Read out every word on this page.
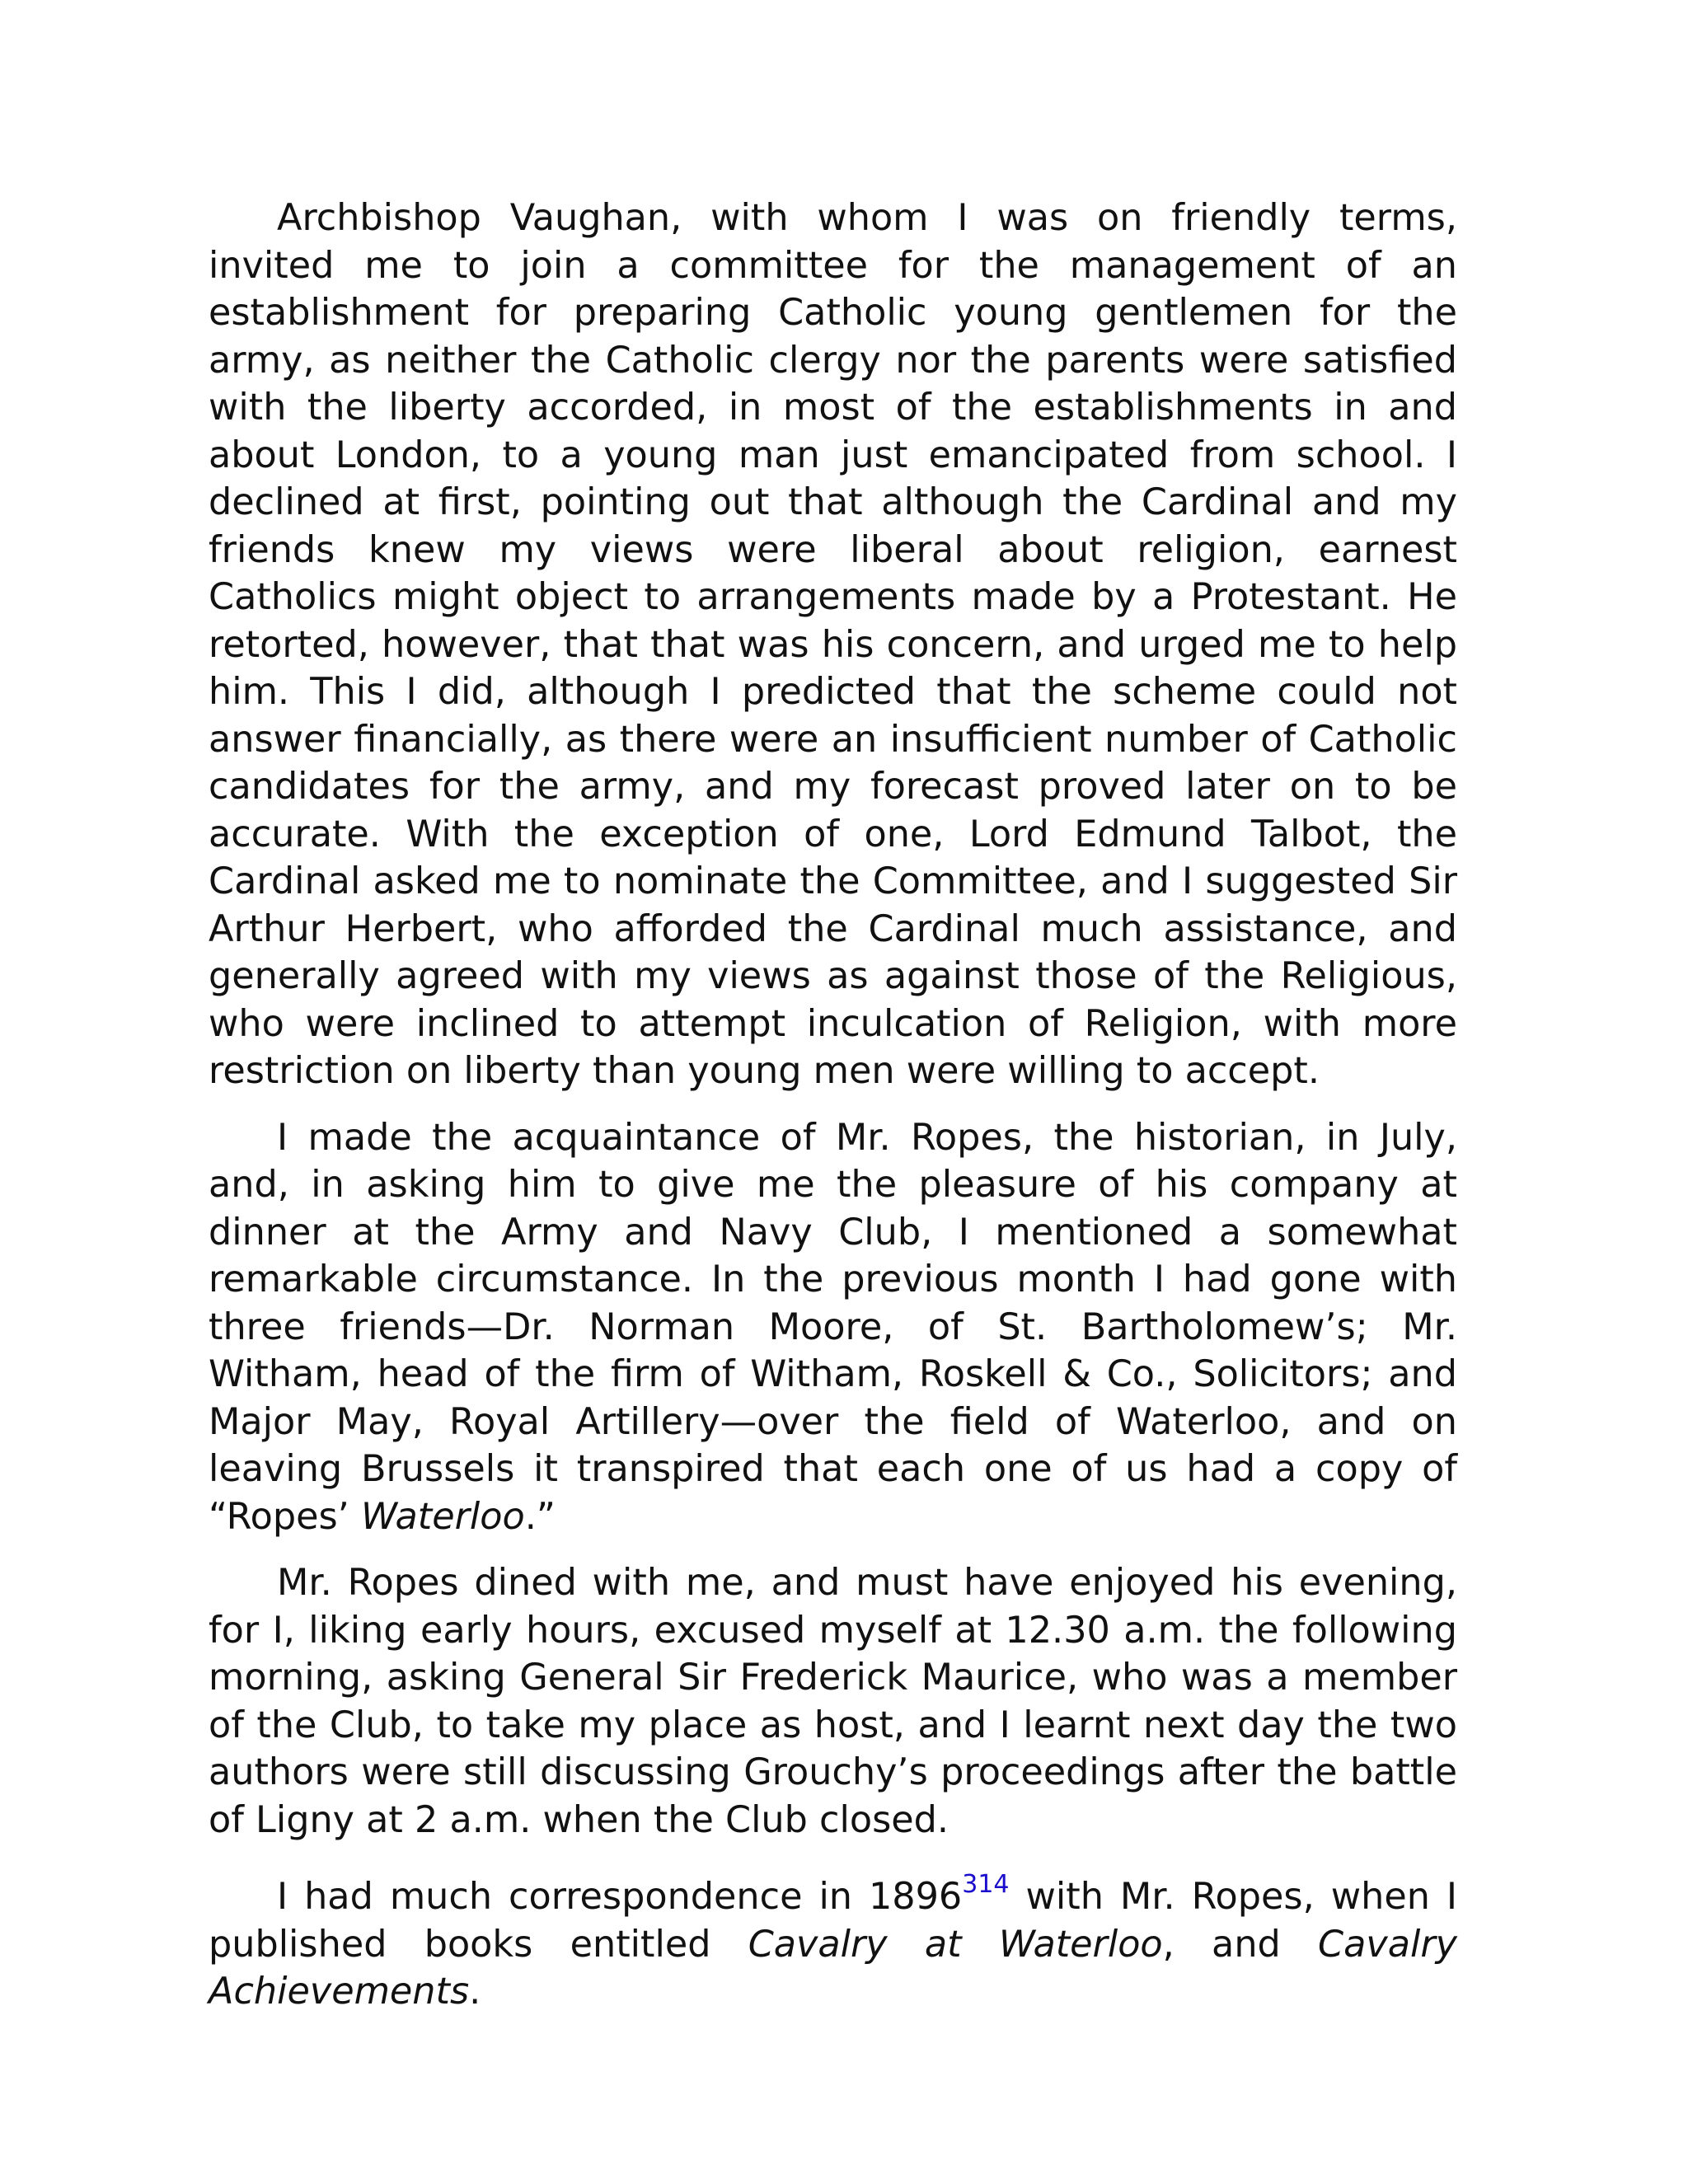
Archbishop Vaughan, with whom I was on friendly terms, invited me to join a committee for the management of an establishment for preparing Catholic young gentlemen for the army, as neither the Catholic clergy nor the parents were satisfied with the liberty accorded, in most of the establishments in and about London, to a young man just emancipated from school. I declined at first, pointing out that although the Cardinal and my friends knew my views were liberal about religion, earnest Catholics might object to arrangements made by a Protestant. He retorted, however, that that was his concern, and urged me to help him. This I did, although I predicted that the scheme could not answer financially, as there were an insufficient number of Catholic candidates for the army, and my forecast proved later on to be accurate. With the exception of one, Lord Edmund Talbot, the Cardinal asked me to nominate the Committee, and I suggested Sir Arthur Herbert, who afforded the Cardinal much assistance, and generally agreed with my views as against those of the Religious, who were inclined to attempt inculcation of Religion, with more restriction on liberty than young men were willing to accept.

I made the acquaintance of Mr. Ropes, the historian, in July, and, in asking him to give me the pleasure of his company at dinner at the Army and Navy Club, I mentioned a somewhat remarkable circumstance. In the previous month I had gone with three friends—Dr. Norman Moore, of St. Bartholomew’s; Mr. Witham, head of the firm of Witham, Roskell & Co., Solicitors; and Major May, Royal Artillery—over the field of Waterloo, and on leaving Brussels it transpired that each one of us had a copy of “Ropes’ Waterloo.”

Mr. Ropes dined with me, and must have enjoyed his evening, for I, liking early hours, excused myself at 12.30 a.m. the following morning, asking General Sir Frederick Maurice, who was a member of the Club, to take my place as host, and I learnt next day the two authors were still discussing Grouchy’s proceedings after the battle of Ligny at 2 a.m. when the Club closed.

I had much correspondence in 1896$^{314}$ with Mr. Ropes, when I published books entitled Cavalry at Waterloo, and Cavalry Achievements.
